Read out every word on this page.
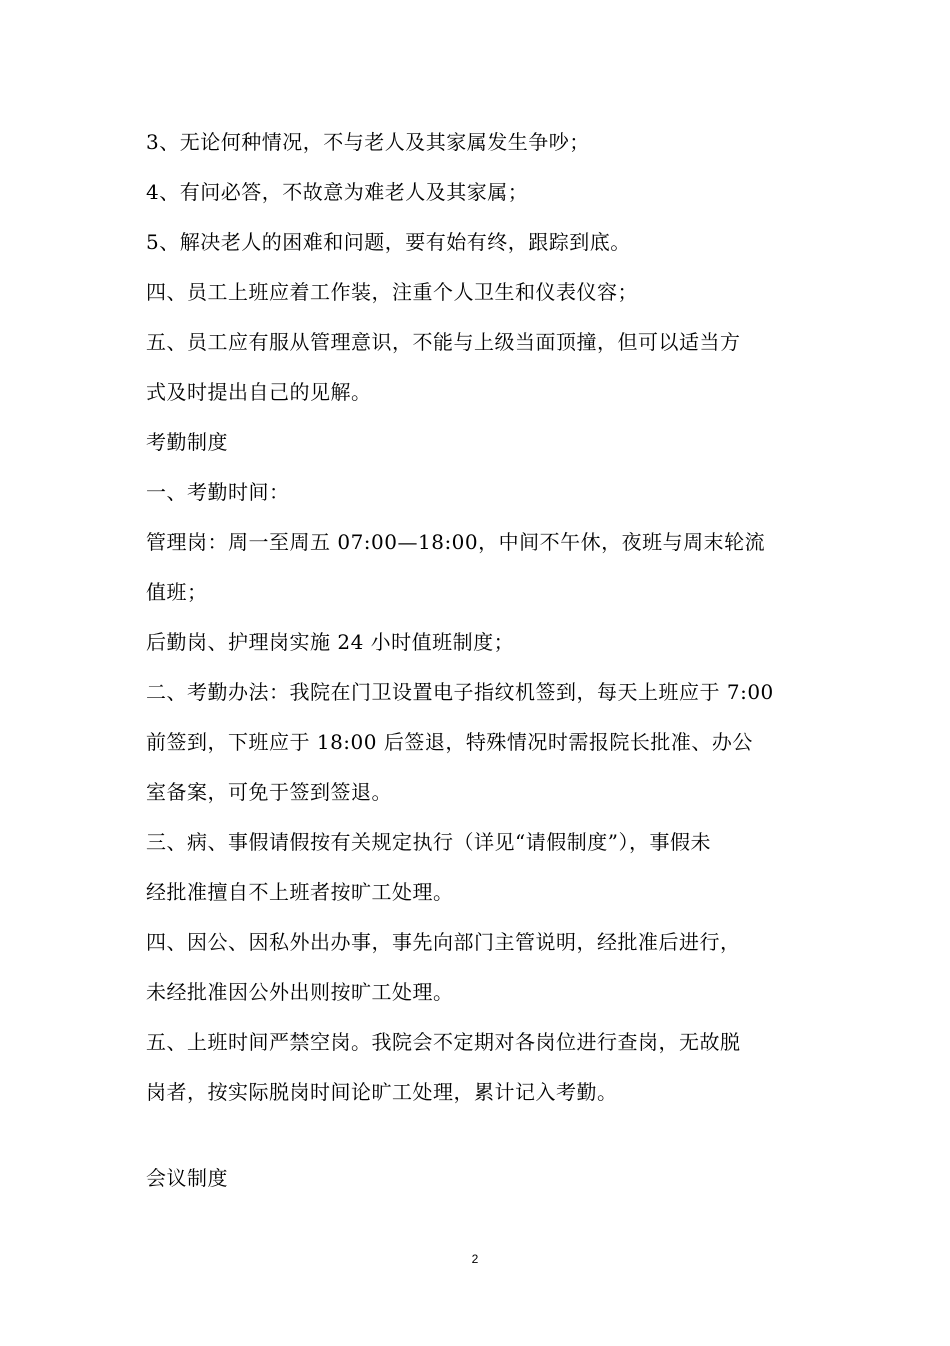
3、无论何种情况，不与老人及其家属发生争吵；
4、有问必答，不故意为难老人及其家属；
5、解决老人的困难和问题，要有始有终，跟踪到底。
四、员工上班应着工作装，注重个人卫生和仪表仪容；
五、员工应有服从管理意识，不能与上级当面顶撞，但可以适当方
式及时提出自己的见解。
考勤制度
一、考勤时间：
管理岗：周一至周五 07:00—18:00，中间不午休，夜班与周末轮流
值班；
后勤岗、护理岗实施 24 小时值班制度；
二、考勤办法：我院在门卫设置电子指纹机签到，每天上班应于 7:00
前签到，下班应于 18:00 后签退，特殊情况时需报院长批准、办公
室备案，可免于签到签退。
三、病、事假请假按有关规定执行（详见“请假制度”），事假未
经批准擅自不上班者按旷工处理。
四、因公、因私外出办事，事先向部门主管说明，经批准后进行，
未经批准因公外出则按旷工处理。
五、上班时间严禁空岗。我院会不定期对各岗位进行查岗，无故脱
岗者，按实际脱岗时间论旷工处理，累计记入考勤。
会议制度
2
